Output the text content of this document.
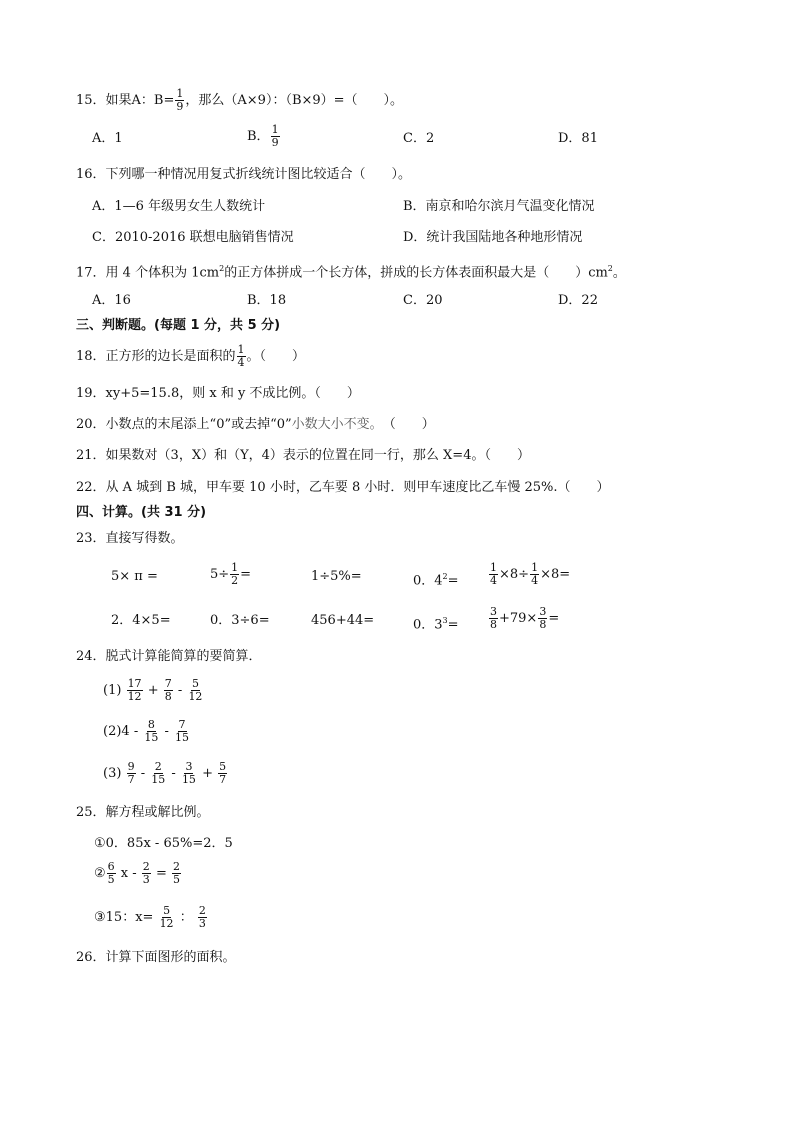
15．如果A：$B= \frac{1}{9}$ ，那么（A×9）：（B×9）=（　　）。
A．1	B． $\frac{1}{9}$	C．2	D．81
16．下列哪一种情况用复式折线统计图比较适合（　　）。
A．1—6 年级男女生人数统计	B．南京和哈尔滨月气温变化情况
C．2010-2016 联想电脑销售情况	D．统计我国陆地各种地形情况
17．用 4 个体积为 $1cm^2$的正方体拼成一个长方体，拼成的长方体表面积最大是（　　）$cm^2$。
A．16	B．18	C．20	D．22
三、判断题。(每题 1 分，共 5 分)
18．正方形的边长是面积的 $\frac{1}{4}$ 。（　　）
19．xy+5=15.8，则 x 和 y 不成比例。（　　）
20．小数点的末尾添上“0”或去掉“0”小数大小不变。　（　　）
21．如果数对（3，X）和（Y，4）表示的位置在同一行，那么 X=4。（　　）
22．从 A 城到 B 城，甲车要 10 小时，乙车要 8 小时．则甲车速度比乙车慢 25%.（　　）
四、计算。(共 31 分)
23．直接写得数。
5× π =	$5\div \frac{1}{2}$ =	1÷5%=	0．$4^2=$	$\frac{1}{4} \times 8\div \frac{1}{4} \times 8=$
2．4×5=	0．3÷6=	456+44=	0．$3^3=$	$\frac{3}{8} +79\times \frac{3}{8}$ =
24．脱式计算能简算的要简算．
$(1) \frac{17}{12} + \frac{7}{8} - \frac{5}{12}$
$(2)4 - \frac{8}{15} - \frac{7}{15}$
$(3) \frac{9}{7} - \frac{2}{15} - \frac{3}{15} + \frac{5}{7}$
25．解方程或解比例。
①0．85x - 65%=2．5
② $\frac{6}{5}$ $x - \frac{2}{3} = \frac{2}{5}$
③15：$x= \frac{5}{12}$ ： $\frac{2}{3}$
26．计算下面图形的面积。
